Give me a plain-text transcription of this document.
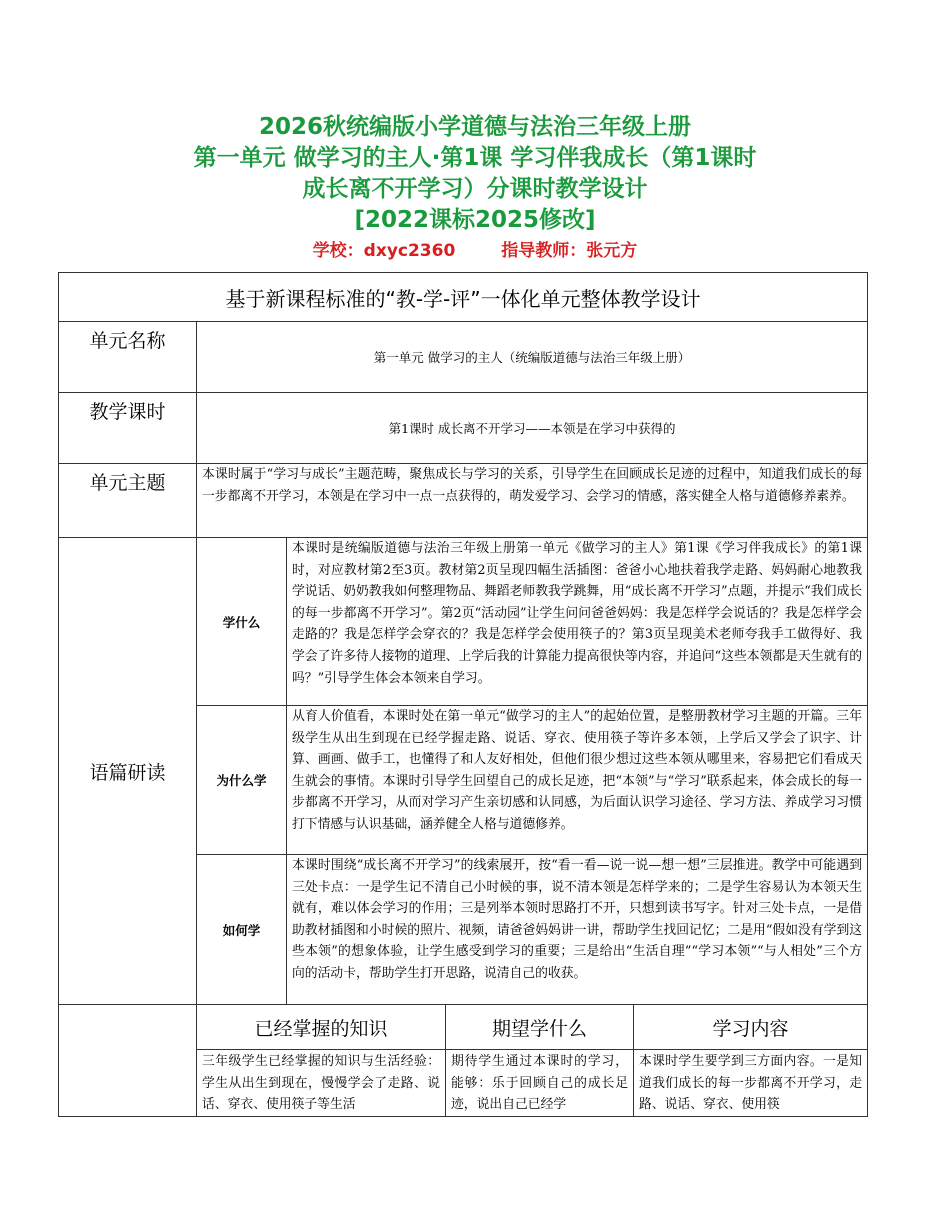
2026秋统编版小学道德与法治三年级上册
第一单元 做学习的主人·第1课 学习伴我成长（第1课时
成长离不开学习）分课时教学设计
[2022课标2025修改]
学校：dxyc2360	指导教师：张元方
基于新课程标准的“教-学-评”一体化单元整体教学设计				
单元名称	第一单元 做学习的主人（统编版道德与法治三年级上册）			
教学课时	第1课时 成长离不开学习——本领是在学习中获得的			
单元主题	本课时属于“学习与成长”主题范畴，聚焦成长与学习的关系，引导学生在回顾成长足迹的过程中，知道我们成长的每一步都离不开学习，本领是在学习中一点一点获得的，萌发爱学习、会学习的情感，落实健全人格与道德修养素养。			
语篇研读	学什么	本课时是统编版道德与法治三年级上册第一单元《做学习的主人》第1课《学习伴我成长》的第1课时，对应教材第2至3页。教材第2页呈现四幅生活插图：爸爸小心地扶着我学走路、妈妈耐心地教我学说话、奶奶教我如何整理物品、舞蹈老师教我学跳舞，用“成长离不开学习”点题，并提示“我们成长的每一步都离不开学习”。第2页“活动园”让学生问问爸爸妈妈：我是怎样学会说话的？我是怎样学会走路的？我是怎样学会穿衣的？我是怎样学会使用筷子的？第3页呈现美术老师夸我手工做得好、我学会了许多待人接物的道理、上学后我的计算能力提高很快等内容，并追问“这些本领都是天生就有的吗？”引导学生体会本领来自学习。		
	为什么学	从育人价值看，本课时处在第一单元“做学习的主人”的起始位置，是整册教材学习主题的开篇。三年级学生从出生到现在已经学握走路、说话、穿衣、使用筷子等许多本领，上学后又学会了识字、计算、画画、做手工，也懂得了和人友好相处，但他们很少想过这些本领从哪里来，容易把它们看成天生就会的事情。本课时引导学生回望自己的成长足迹，把“本领”与“学习”联系起来，体会成长的每一步都离不开学习，从而对学习产生亲切感和认同感，为后面认识学习途径、学习方法、养成学习习惯打下情感与认识基础，涵养健全人格与道德修养。		
	如何学	本课时围绕“成长离不开学习”的线索展开，按“看一看—说一说—想一想”三层推进。教学中可能遇到三处卡点：一是学生记不清自己小时候的事，说不清本领是怎样学来的；二是学生容易认为本领天生就有，难以体会学习的作用；三是列举本领时思路打不开，只想到读书写字。针对三处卡点，一是借助教材插图和小时候的照片、视频，请爸爸妈妈讲一讲，帮助学生找回记忆；二是用“假如没有学到这些本领”的想象体验，让学生感受到学习的重要；三是给出“生活自理”“学习本领”“与人相处”三个方向的活动卡，帮助学生打开思路，说清自己的收获。		
	已经掌握的知识		期望学什么	学习内容
	三年级学生已经掌握的知识与生活经验：学生从出生到现在，慢慢学会了走路、说话、穿衣、使用筷子等生活		期待学生通过本课时的学习，能够：乐于回顾自己的成长足迹，说出自己已经学	本课时学生要学到三方面内容。一是知道我们成长的每一步都离不开学习，走路、说话、穿衣、使用筷
